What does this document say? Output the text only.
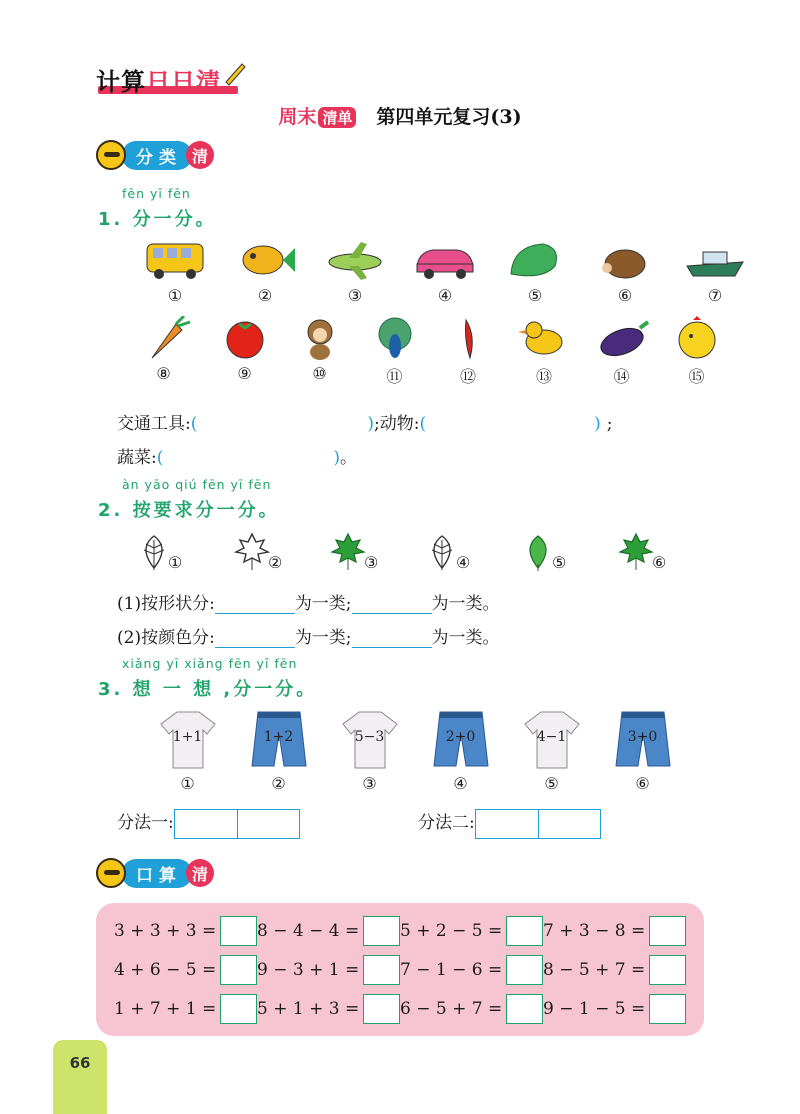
计算日日清
周末 清单 第四单元复习(3)
分类 清
fēn yī fēn
1. 分一分。
①	②	③	④	⑤	⑥	⑦
⑧	⑨	⑩	⑪	⑫	⑬	⑭	⑮
交通工具:(	);动物:(	) ;
蔬菜:(	)。
àn yāo qiú fēn yī fēn
2. 按要求分一分。
①	②	③	④	⑤	⑥
(1)按形状分:	为一类;	为一类。
(2)按颜色分:	为一类;	为一类。
xiǎng yī xiǎng fēn yī fēn
3. 想 一 想 ,分一分。
1+1
①
1+2
②
5−3
③
2+0
④
4−1
⑤
3+0
⑥
分法一:	分法二:
口算 清
3 + 3 + 3 = 8 − 4 − 4 = 5 + 2 − 5 = 7 + 3 − 8 =
4 + 6 − 5 = 9 − 3 + 1 = 7 − 1 − 6 = 8 − 5 + 7 =
1 + 7 + 1 = 5 + 1 + 3 = 6 − 5 + 7 = 9 − 1 − 5 =
66
